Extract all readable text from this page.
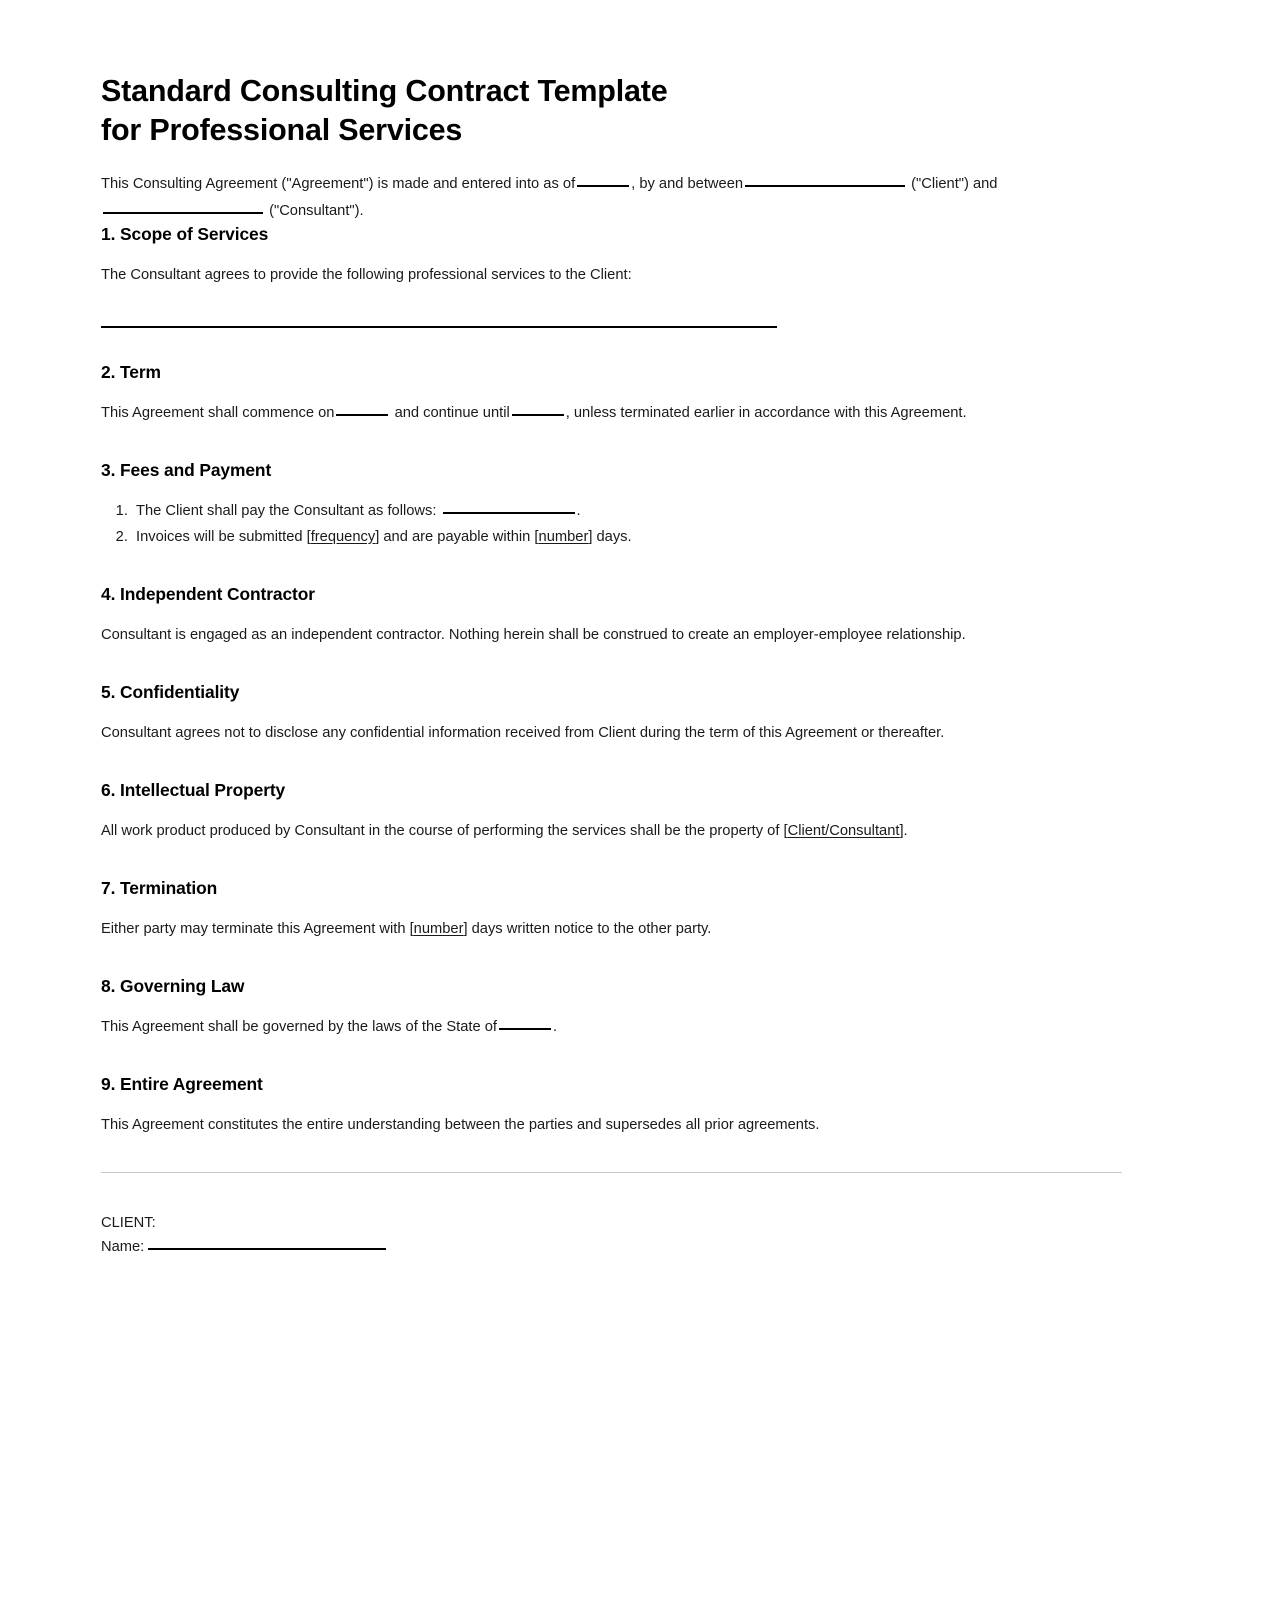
Standard Consulting Contract Template
for Professional Services

This Consulting Agreement ("Agreement") is made and entered into as of	, by and between	("Client") and  ("Consultant").

1. Scope of Services

The Consultant agrees to provide the following professional services to the Client:

2. Term

This Agreement shall commence on	and continue until	, unless terminated earlier in accordance with this Agreement.

3. Fees and Payment
1. The Client shall pay the Consultant as follows:	.
2. Invoices will be submitted [frequency] and are payable within [number] days.
4. Independent Contractor

Consultant is engaged as an independent contractor. Nothing herein shall be construed to create an employer-employee relationship.

5. Confidentiality

Consultant agrees not to disclose any confidential information received from Client during the term of this Agreement or thereafter.

6. Intellectual Property

All work product produced by Consultant in the course of performing the services shall be the property of [Client/Consultant].

7. Termination

Either party may terminate this Agreement with [number] days written notice to the other party.

8. Governing Law

This Agreement shall be governed by the laws of the State of	.

9. Entire Agreement

This Agreement constitutes the entire understanding between the parties and supersedes all prior agreements.

CLIENT:
Name:
